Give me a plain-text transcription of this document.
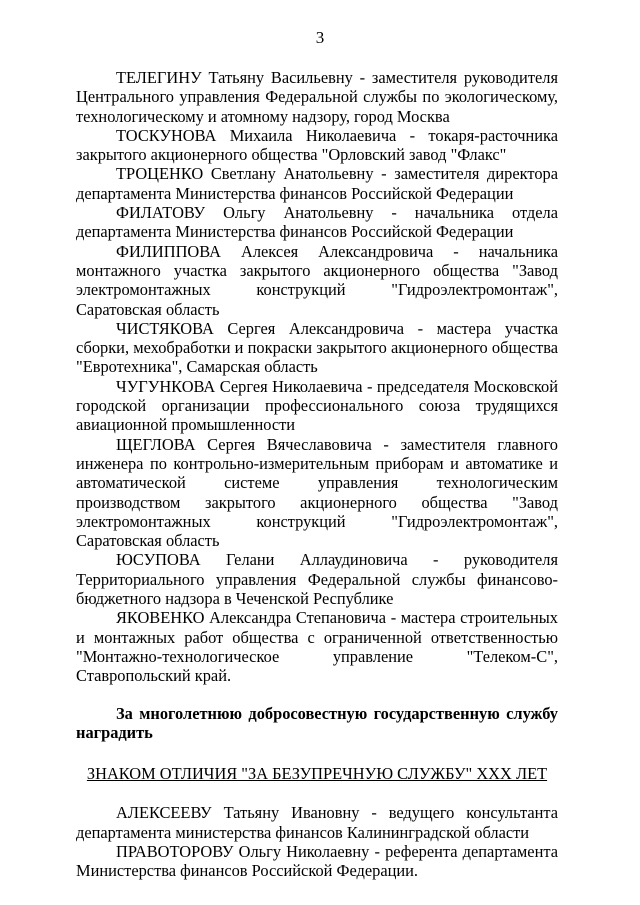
3

ТЕЛЕГИНУ Татьяну Васильевну - заместителя руководителя Центрального управления Федеральной службы по экологическому, технологическому и атомному надзору, город Москва

ТОСКУНОВА Михаила Николаевича - токаря-расточника закрытого акционерного общества "Орловский завод "Флакс"

ТРОЦЕНКО Светлану Анатольевну - заместителя директора департамента Министерства финансов Российской Федерации

ФИЛАТОВУ Ольгу Анатольевну - начальника отдела департамента Министерства финансов Российской Федерации

ФИЛИППОВА Алексея Александровича - начальника монтажного участка закрытого акционерного общества "Завод электромонтажных конструкций "Гидроэлектромонтаж", Саратовская область

ЧИСТЯКОВА Сергея Александровича - мастера участка сборки, мехобработки и покраски закрытого акционерного общества "Евротехника", Самарская область

ЧУГУНКОВА Сергея Николаевича - председателя Московской городской организации профессионального союза трудящихся авиационной промышленности

ЩЕГЛОВА Сергея Вячеславовича - заместителя главного инженера по контрольно-измерительным приборам и автоматике и автоматической системе управления технологическим производством закрытого акционерного общества "Завод электромонтажных конструкций "Гидроэлектромонтаж", Саратовская область

ЮСУПОВА Гелани Аллаудиновича - руководителя Территориального управления Федеральной службы финансово-бюджетного надзора в Чеченской Республике

ЯКОВЕНКО Александра Степановича - мастера строительных и монтажных работ общества с ограниченной ответственностью "Монтажно-технологическое управление "Телеком-С", Ставропольский край.

За многолетнюю добросовестную государственную службу наградить

ЗНАКОМ ОТЛИЧИЯ "ЗА БЕЗУПРЕЧНУЮ СЛУЖБУ" XXX ЛЕТ

АЛЕКСЕЕВУ Татьяну Ивановну - ведущего консультанта департамента министерства финансов Калининградской области

ПРАВОТОРОВУ Ольгу Николаевну - референта департамента Министерства финансов Российской Федерации.
